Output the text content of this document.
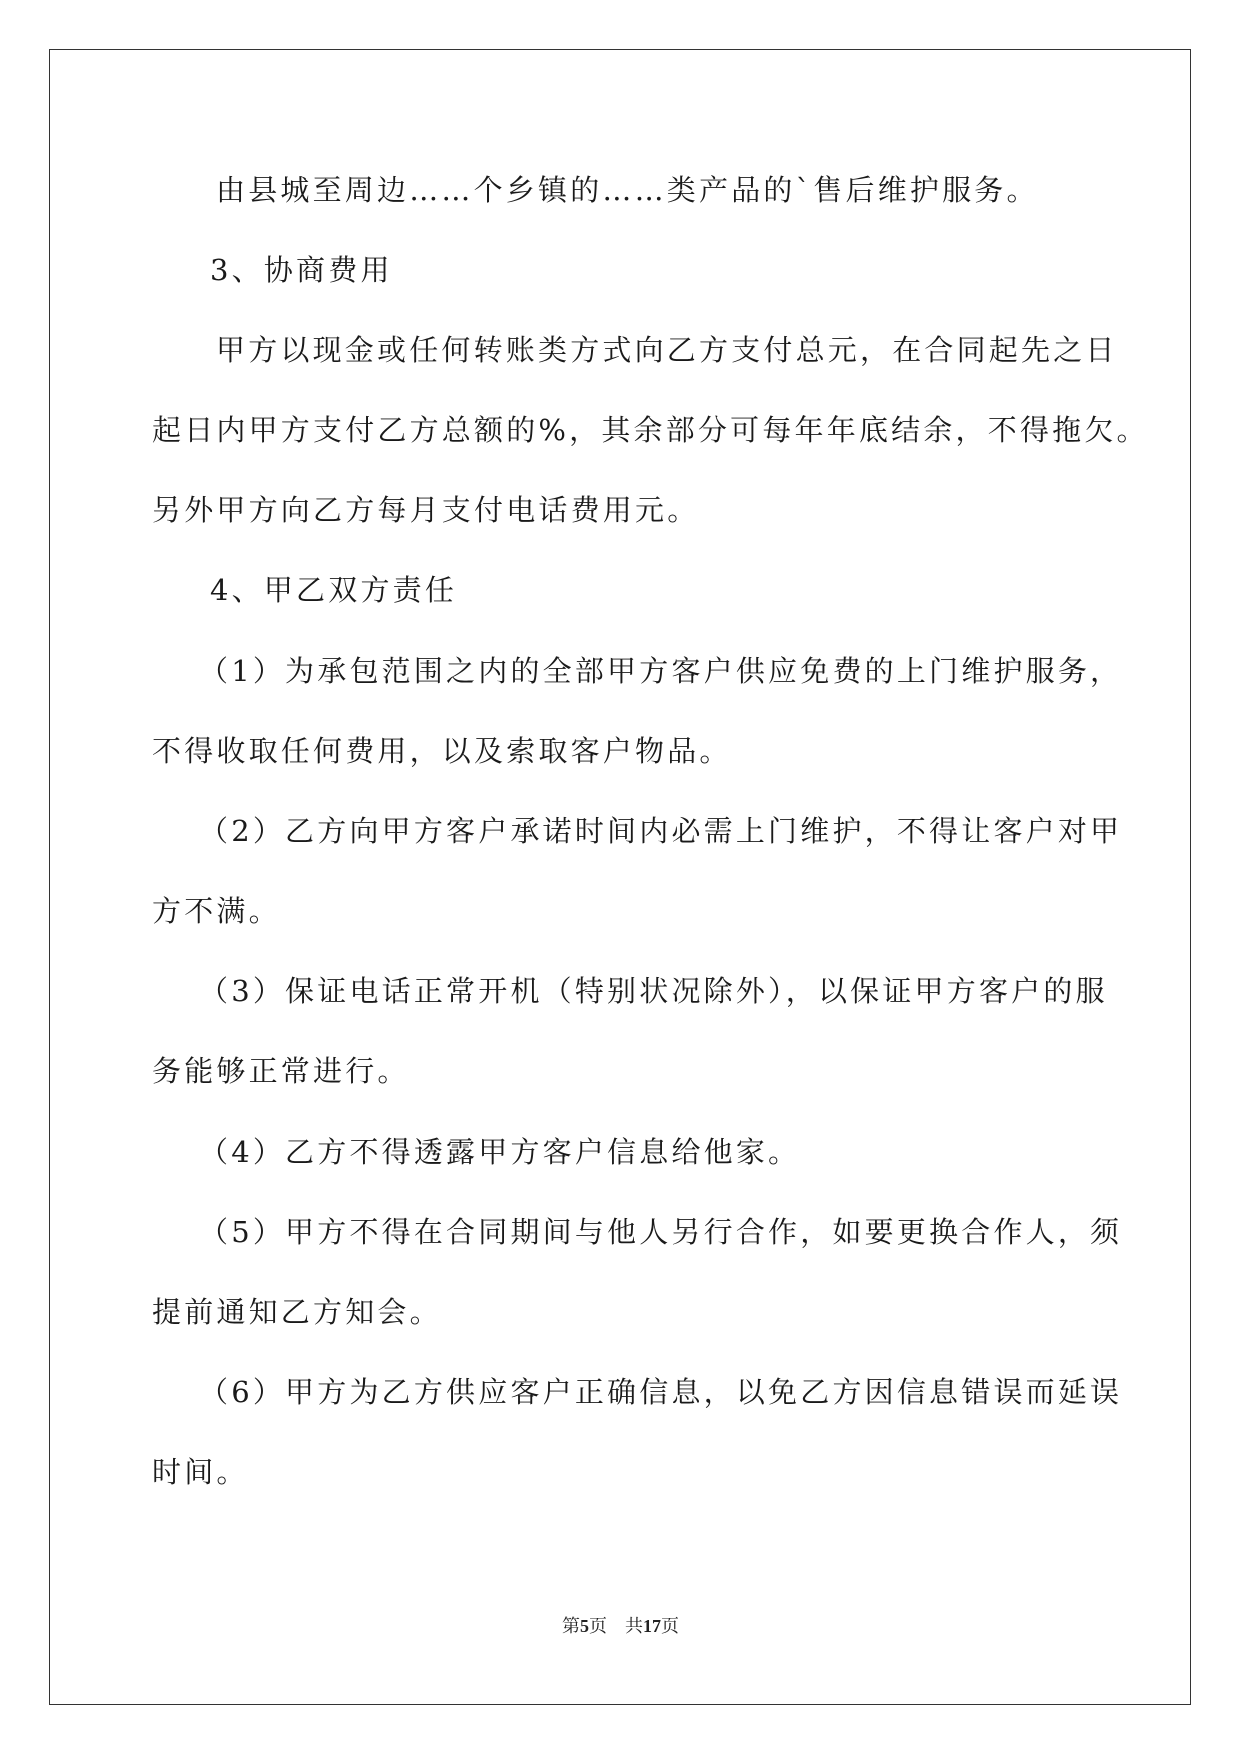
由县城至周边……个乡镇的……类产品的`售后维护服务。
3、协商费用
甲方以现金或任何转账类方式向乙方支付总元，在合同起先之日
起日内甲方支付乙方总额的%，其余部分可每年年底结余，不得拖欠。
另外甲方向乙方每月支付电话费用元。
4、甲乙双方责任
（1）为承包范围之内的全部甲方客户供应免费的上门维护服务，
不得收取任何费用，以及索取客户物品。
（2）乙方向甲方客户承诺时间内必需上门维护，不得让客户对甲
方不满。
（3）保证电话正常开机（特别状况除外），以保证甲方客户的服
务能够正常进行。
（4）乙方不得透露甲方客户信息给他家。
（5）甲方不得在合同期间与他人另行合作，如要更换合作人，须
提前通知乙方知会。
（6）甲方为乙方供应客户正确信息，以免乙方因信息错误而延误
时间。
第5页 共17页
